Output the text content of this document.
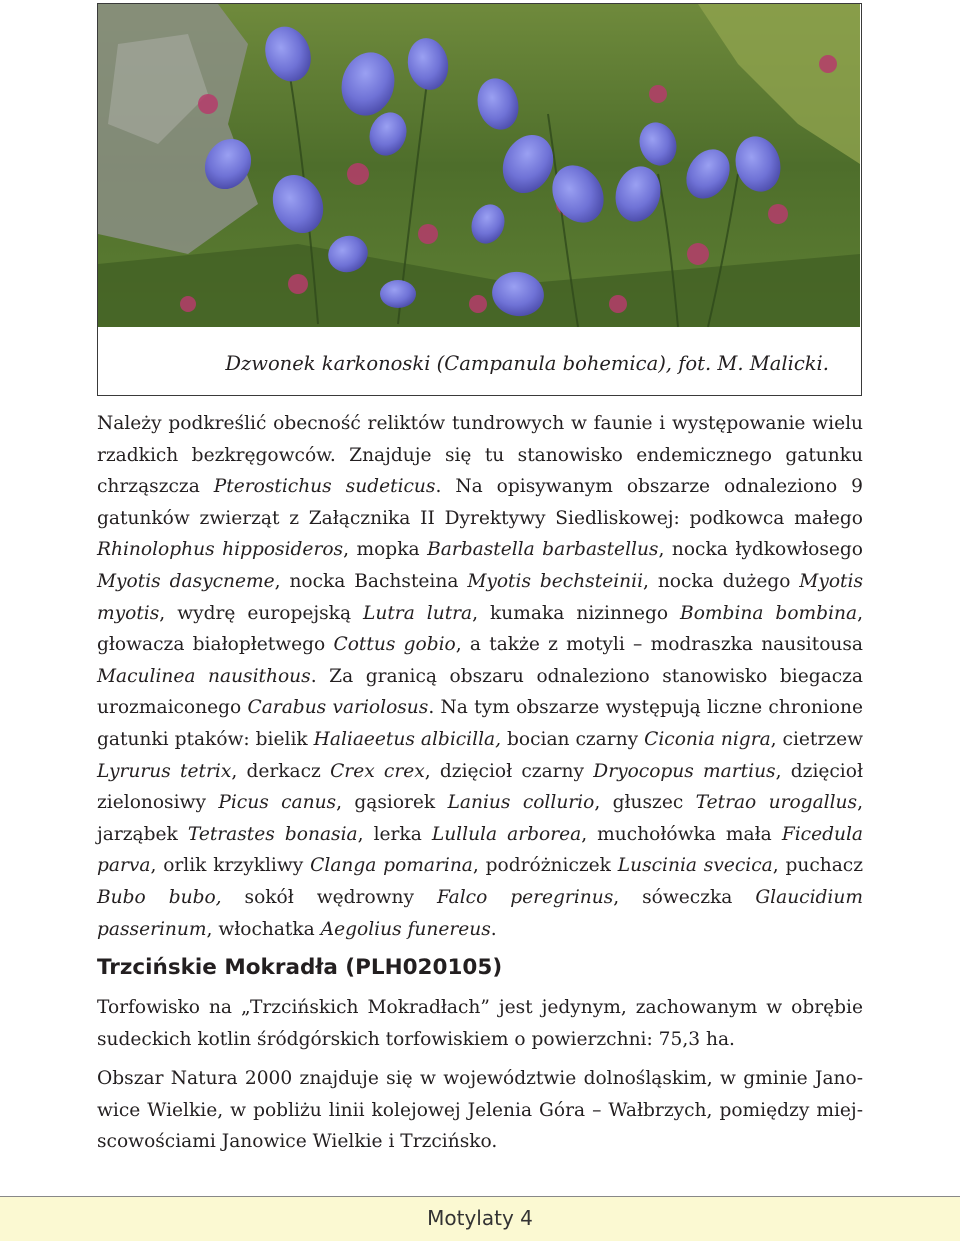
Dzwonek karkonoski (Campanula bohemica), fot. M. Malicki.
Należy podkreślić obecność reliktów tundrowych w faunie i występowanie wielu rzadkich bezkręgowców. Znajduje się tu stanowisko endemicznego gatunku chrząszcza Pterostichus sudeticus. Na opisywanym obszarze odnaleziono 9 gatunków zwierząt z Załącznika II Dyrektywy Siedliskowej: podkowca małego Rhinolophus hipposideros, mopka Barbastella barbastellus, nocka łydkowłosego Myotis dasycneme, nocka Bachsteina Myotis bechsteinii, nocka dużego Myotis myotis, wydrę europejską Lutra lutra, kumaka nizinnego Bombina bombina, głowacza białopłetwego Cottus gobio, a także z motyli – modraszka nausitousa Maculinea nausithous. Za granicą obszaru odnaleziono stanowisko biegacza urozmaiconego Carabus variolosus. Na tym obszarze występują liczne chronione gatunki ptaków: bielik Haliaeetus albicilla, bocian czarny Ciconia nigra, cietrzew Lyrurus tetrix, derkacz Crex crex, dzięcioł czarny Dryocopus martius, dzięcioł zielonosiwy Picus canus, gąsiorek Lanius collurio, głuszec Tetrao urogallus, jarząbek Tetrastes bonasia, lerka Lullula arborea, muchołówka mała Ficedula parva, orlik krzykliwy Clanga pomarina, podróżniczek Luscinia svecica, puchacz Bubo bubo, sokół wędrowny Falco peregrinus, sóweczka Glaucidium passerinum, włochatka Aegolius funereus.
Trzcińskie Mokradła (PLH020105)
Torfowisko na „Trzcińskich Mokradłach” jest jedynym, zachowanym w obrębie sudeckich kotlin śródgórskich torfowiskiem o powierzchni: 75,3 ha.
Obszar Natura 2000 znajduje się w województwie dolnośląskim, w gminie Janowice Wielkie, w pobliżu linii kolejowej Jelenia Góra – Wałbrzych, pomiędzy miejscowościami Janowice Wielkie i Trzcińsko.
Motylaty 4
